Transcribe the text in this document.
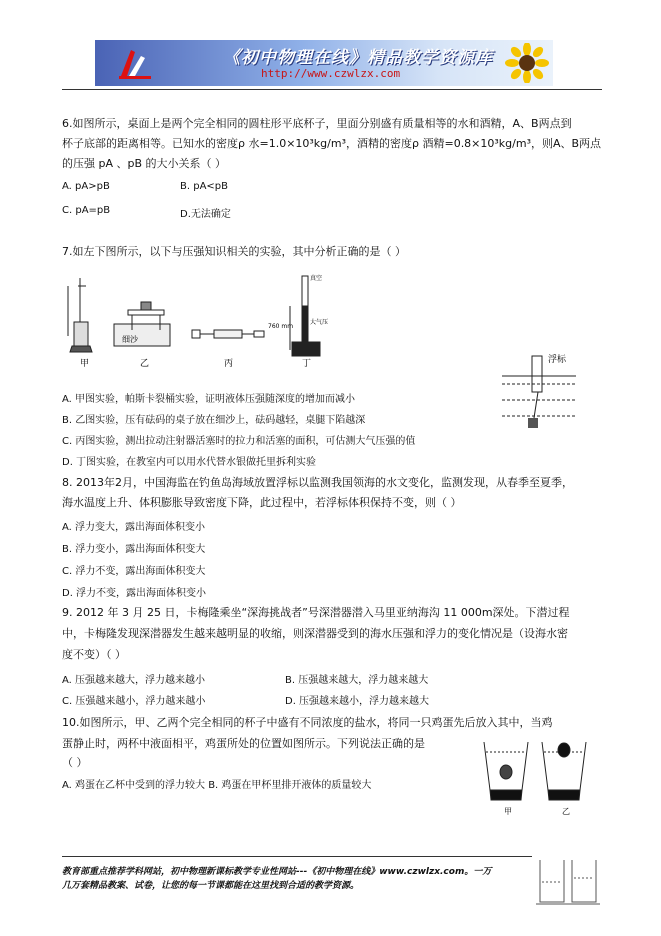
《初中物理在线》精品教学资源库
http://www.czwlzx.com
6.如图所示，桌面上是两个完全相同的圆柱形平底杯子，里面分别盛有质量相等的水和酒精，A、B两点到
杯子底部的距离相等。已知水的密度ρ 水=1.0×10³kg/m³，酒精的密度ρ 酒精=0.8×10³kg/m³，则A、B两点
的压强 pA 、pB 的大小关系（ ）
A. pA>pB	B. pA<pB
C. pA=pB	D.无法确定
7.如左下图所示，以下与压强知识相关的实验，其中分析正确的是（ ）
甲
细沙
乙	丙
真空
大气压
760 mm
丁	浮标
A. 甲图实验，帕斯卡裂桶实验，证明液体压强随深度的增加而减小
B. 乙图实验，压有砝码的桌子放在细沙上，砝码越轻，桌腿下陷越深
C. 丙图实验，测出拉动注射器活塞时的拉力和活塞的面积，可估测大气压强的值
D. 丁图实验，在教室内可以用水代替水银做托里拆利实验
8. 2013年2月，中国海监在钓鱼岛海域放置浮标以监测我国领海的水文变化，监测发现，从春季至夏季，
海水温度上升、体积膨胀导致密度下降，此过程中，若浮标体积保持不变，则（ ）
A. 浮力变大，露出海面体积变小
B. 浮力变小，露出海面体积变大
C. 浮力不变，露出海面体积变大
D. 浮力不变，露出海面体积变小
9. 2012 年 3 月 25 日，卡梅隆乘坐“深海挑战者”号深潜器潜入马里亚纳海沟 11 000m深处。下潜过程
中，卡梅隆发现深潜器发生越来越明显的收缩，则深潜器受到的海水压强和浮力的变化情况是（设海水密
度不变）（ ）
A. 压强越来越大，浮力越来越小	B. 压强越来越大，浮力越来越大
C. 压强越来越小，浮力越来越小	D. 压强越来越小，浮力越来越大
10.如图所示，甲、乙两个完全相同的杯子中盛有不同浓度的盐水，将同一只鸡蛋先后放入其中，当鸡
蛋静止时，两杯中液面相平，鸡蛋所处的位置如图所示。下列说法正确的是
（ ）
A. 鸡蛋在乙杯中受到的浮力较大 B. 鸡蛋在甲杯里排开液体的质量较大
甲	乙
教育部重点推荐学科网站，初中物理新课标教学专业性网站---《初中物理在线》www.czwlzx.com。一万
几万套精品教案、试卷，让您的每一节课都能在这里找到合适的教学资源。
